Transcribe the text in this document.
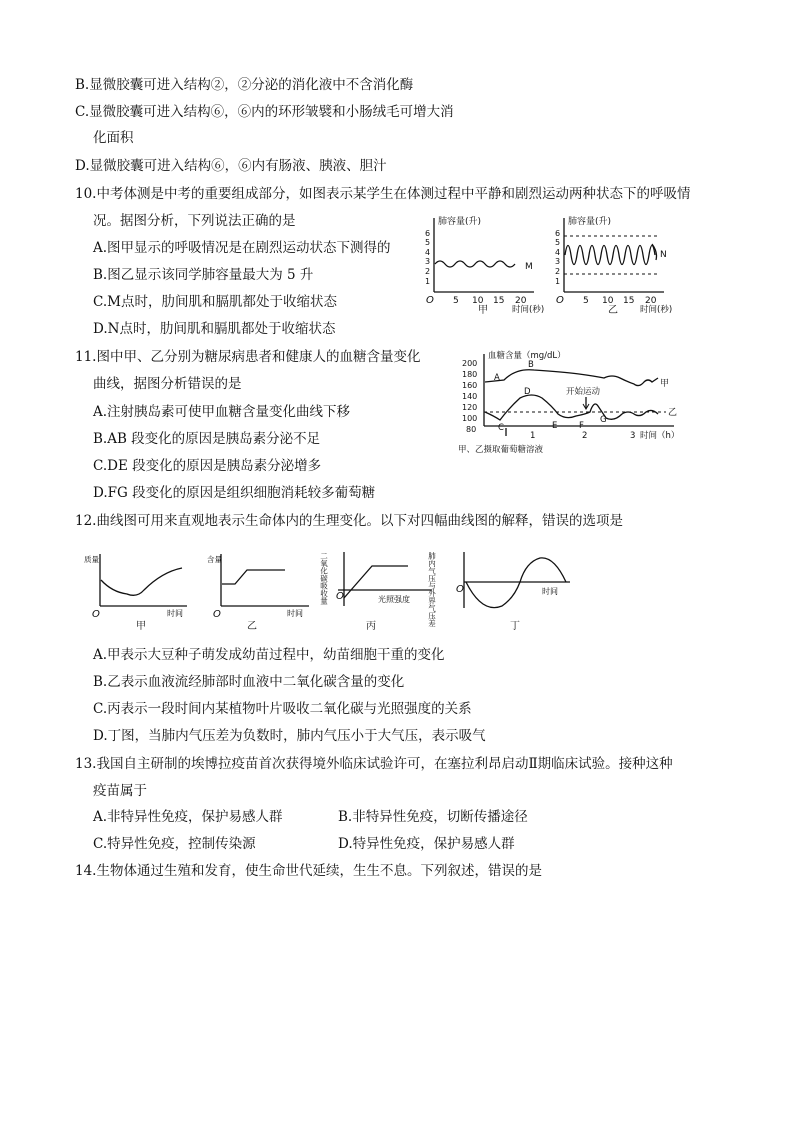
B.显微胶囊可进入结构②，②分泌的消化液中不含消化酶
C.显微胶囊可进入结构⑥，⑥内的环形皱襞和小肠绒毛可增大消
化面积
D.显微胶囊可进入结构⑥，⑥内有肠液、胰液、胆汁
10.中考体测是中考的重要组成部分，如图表示某学生在体测过程中平静和剧烈运动两种状态下的呼吸情
况。据图分析，下列说法正确的是
A.图甲显示的呼吸情况是在剧烈运动状态下测得的
B.图乙显示该同学肺容量最大为 5 升
C.M点时，肋间肌和膈肌都处于收缩状态
D.N点时，肋间肌和膈肌都处于收缩状态
肺容量(升)
6
5
4
3
2
1
M
O 5 10 15 20
时间(秒)
甲
肺容量(升)
6
5
4
3
2
1
N
O 5 10 15 20
时间(秒)
乙
11.图中甲、乙分别为糖尿病患者和健康人的血糖含量变化
曲线，据图分析错误的是
A.注射胰岛素可使甲血糖含量变化曲线下移
B.AB 段变化的原因是胰岛素分泌不足
C.DE 段变化的原因是胰岛素分泌增多
D.FG 段变化的原因是组织细胞消耗较多葡萄糖
血糖含量（mg/dL）
200
180
160
140
120
100
80
甲
乙
A
B
C
D
E	F
G
开始运动
1	2	3 时间（h）
甲、乙摄取葡萄糖溶液
12.曲线图可用来直观地表示生命体内的生理变化。以下对四幅曲线图的解释，错误的选项是
质量
O	时间
甲
含量
O	时间
乙
二氧化碳吸收量 O	光照强度
丙	肺内气压与外界气压差 O	时间
丁
A.甲表示大豆种子萌发成幼苗过程中，幼苗细胞干重的变化
B.乙表示血液流经肺部时血液中二氧化碳含量的变化
C.丙表示一段时间内某植物叶片吸收二氧化碳与光照强度的关系
D.丁图，当肺内气压差为负数时，肺内气压小于大气压，表示吸气
13.我国自主研制的埃博拉疫苗首次获得境外临床试验许可，在塞拉利昂启动Ⅱ期临床试验。接种这种
疫苗属于
A.非特异性免疫，保护易感人群	B.非特异性免疫，切断传播途径
C.特异性免疫，控制传染源	D.特异性免疫，保护易感人群
14.生物体通过生殖和发育，使生命世代延续，生生不息。下列叙述，错误的是
